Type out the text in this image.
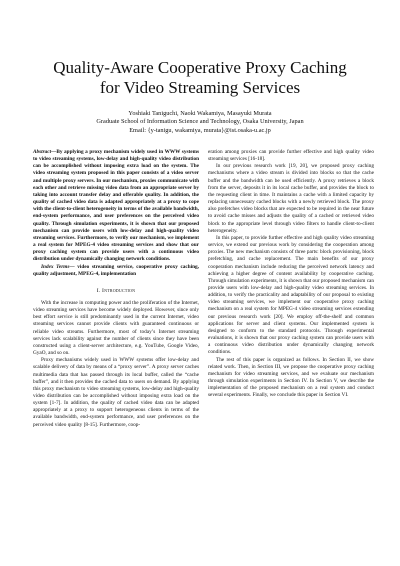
Quality-Aware Cooperative Proxy Caching
for Video Streaming Services
Yoshiaki Taniguchi, Naoki Wakamiya, Masayuki Murata
Graduate School of Information Science and Technology, Osaka University, Japan
Email: {y-tanigu, wakamiya, murata}@ist.osaka-u.ac.jp

Abstract—By applying a proxy mechanism widely used in WWW systems to video streaming systems, low-delay and high-quality video distribution can be accomplished without imposing extra load on the system. The video streaming system proposed in this paper consists of a video server and multiple proxy servers. In our mechanism, proxies communicate with each other and retrieve missing video data from an appropriate server by taking into account transfer delay and offerable quality. In addition, the quality of cached video data is adapted appropriately at a proxy to cope with the client-to-client heterogeneity in terms of the available bandwidth, end-system performance, and user preferences on the perceived video quality. Through simulation experiments, it is shown that our proposed mechanism can provide users with low-delay and high-quality video streaming services. Furthermore, to verify our mechanism, we implement a real system for MPEG-4 video streaming services and show that our proxy caching system can provide users with a continuous video distribution under dynamically changing network conditions.

Index Terms— video streaming service, cooperative proxy caching, quality adjustment, MPEG-4, implementation

I. Introduction

With the increase in computing power and the proliferation of the Internet, video streaming services have become widely deployed. However, since only best effort service is still predominantly used in the current Internet, video streaming services cannot provide clients with guaranteed continuous or reliable video streams. Furthermore, most of today’s Internet streaming services lack scalability against the number of clients since they have been constructed using a client-server architecture, e.g. YouTube, Google Video, GyaO, and so on.

Proxy mechanisms widely used in WWW systems offer low-delay and scalable delivery of data by means of a “proxy server”. A proxy server caches multimedia data that has passed through its local buffer, called the “cache buffer”, and it then provides the cached data to users on demand. By applying this proxy mechanism to video streaming systems, low-delay and high-quality video distribution can be accomplished without imposing extra load on the system [1-7]. In addition, the quality of cached video data can be adapted appropriately at a proxy to support heterogeneous clients in terms of the available bandwidth, end-system performance, and user preferences on the perceived video quality [8-15]. Furthermore, coop-

eration among proxies can provide further effective and high quality video streaming services [16-18].

In our previous research work [19, 20], we proposed proxy caching mechanisms where a video stream is divided into blocks so that the cache buffer and the bandwidth can be used efficiently. A proxy retrieves a block from the server, deposits it in its local cache buffer, and provides the block to the requesting client in time. It maintains a cache with a limited capacity by replacing unnecessary cached blocks with a newly retrieved block. The proxy also prefetches video blocks that are expected to be required in the near future to avoid cache misses and adjusts the quality of a cached or retrieved video block to the appropriate level through video filters to handle client-to-client heterogeneity.

In this paper, to provide further effective and high quality video streaming service, we extend our previous work by considering the cooperation among proxies. The new mechanism consists of three parts: block provisioning, block prefetching, and cache replacement. The main benefits of our proxy cooperation mechanism include reducing the perceived network latency and achieving a higher degree of content availability by cooperative caching. Through simulation experiments, it is shown that our proposed mechanism can provide users with low-delay and high-quality video streaming services. In addition, to verify the practicality and adaptability of our proposal to existing video streaming services, we implement our cooperative proxy caching mechanism on a real system for MPEG-4 video streaming services extending our previous research work [20]. We employ off-the-shelf and common applications for server and client systems. Our implemented system is designed to conform to the standard protocols. Through experimental evaluations, it is shown that our proxy caching system can provide users with a continuous video distribution under dynamically changing network conditions.

The rest of this paper is organized as follows. In Section II, we show related work. Then, in Section III, we propose the cooperative proxy caching mechanism for video streaming services, and we evaluate our mechanism through simulation experiments in Section IV. In Section V, we describe the implementation of the proposed mechanism on a real system and conduct several experiments. Finally, we conclude this paper in Section VI.
